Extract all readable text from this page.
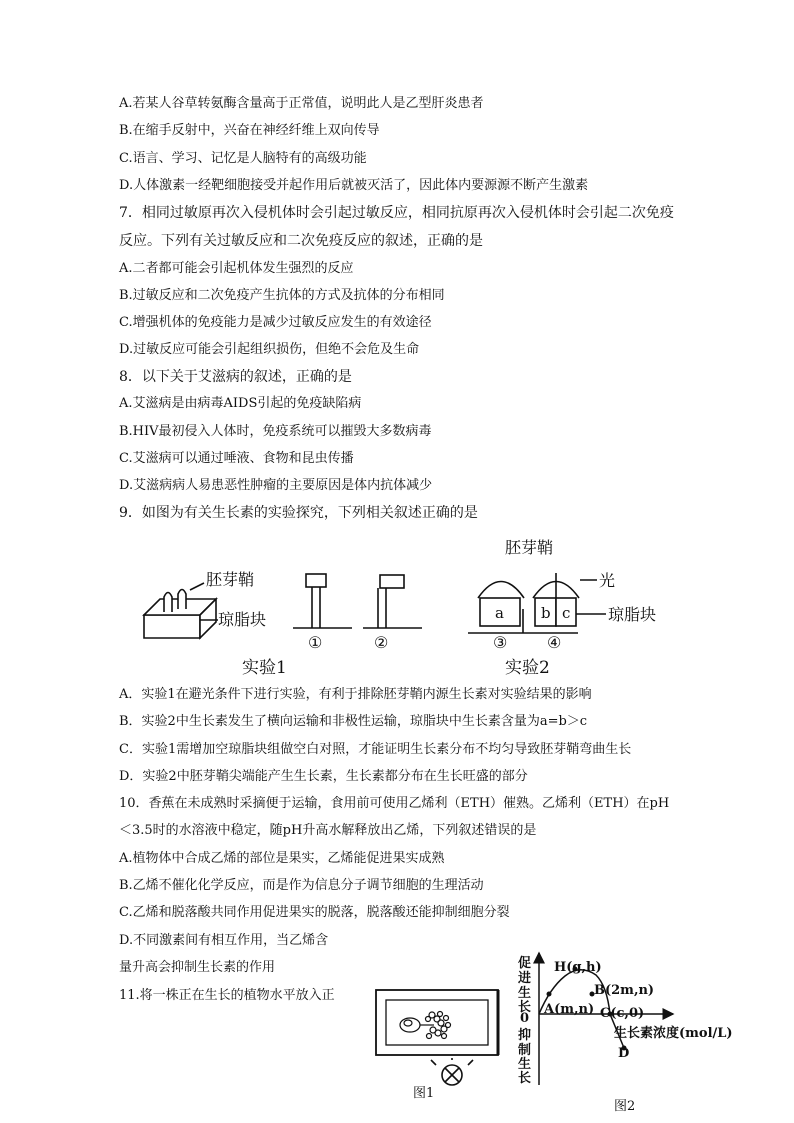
A.若某人谷草转氨酶含量高于正常值，说明此人是乙型肝炎患者
B.在缩手反射中，兴奋在神经纤维上双向传导
C.语言、学习、记忆是人脑特有的高级功能
D.人体激素一经靶细胞接受并起作用后就被灭活了，因此体内要源源不断产生激素
7．相同过敏原再次入侵机体时会引起过敏反应，相同抗原再次入侵机体时会引起二次免疫
反应。下列有关过敏反应和二次免疫反应的叙述，正确的是
A.二者都可能会引起机体发生强烈的反应
B.过敏反应和二次免疫产生抗体的方式及抗体的分布相同
C.增强机体的免疫能力是减少过敏反应发生的有效途径
D.过敏反应可能会引起组织损伤，但绝不会危及生命
8．以下关于艾滋病的叙述，正确的是
A.艾滋病是由病毒AIDS引起的免疫缺陷病
B.HIV最初侵入人体时，免疫系统可以摧毁大多数病毒
C.艾滋病可以通过唾液、食物和昆虫传播
D.艾滋病病人易患恶性肿瘤的主要原因是体内抗体减少
9．如图为有关生长素的实验探究，下列相关叙述正确的是
胚芽鞘
琼脂块
①	②
实验1
胚芽鞘
a b c
光
琼脂块
③ ④
实验2
A．实验1在避光条件下进行实验，有利于排除胚芽鞘内源生长素对实验结果的影响
B．实验2中生长素发生了横向运输和非极性运输，琼脂块中生长素含量为a=b＞c
C．实验1需增加空琼脂块组做空白对照，才能证明生长素分布不均匀导致胚芽鞘弯曲生长
D．实验2中胚芽鞘尖端能产生生长素，生长素都分布在生长旺盛的部分
10．香蕉在未成熟时采摘便于运输，食用前可使用乙烯利（ETH）催熟。乙烯利（ETH）在pH
＜3.5时的水溶液中稳定，随pH升高水解释放出乙烯，下列叙述错误的是
A.植物体中合成乙烯的部位是果实，乙烯能促进果实成熟
B.乙烯不催化化学反应，而是作为信息分子调节细胞的生理活动
C.乙烯和脱落酸共同作用促进果实的脱落，脱落酸还能抑制细胞分裂
D.不同激素间有相互作用，当乙烯含
量升高会抑制生长素的作用
11.将一株正在生长的植物水平放入正
图1
促
进
生
长
0
抑
制
生
长
H(g,h)
B(2m,n)
A(m,n) C(c,0)
生长素浓度(mol/L)
D
图2
